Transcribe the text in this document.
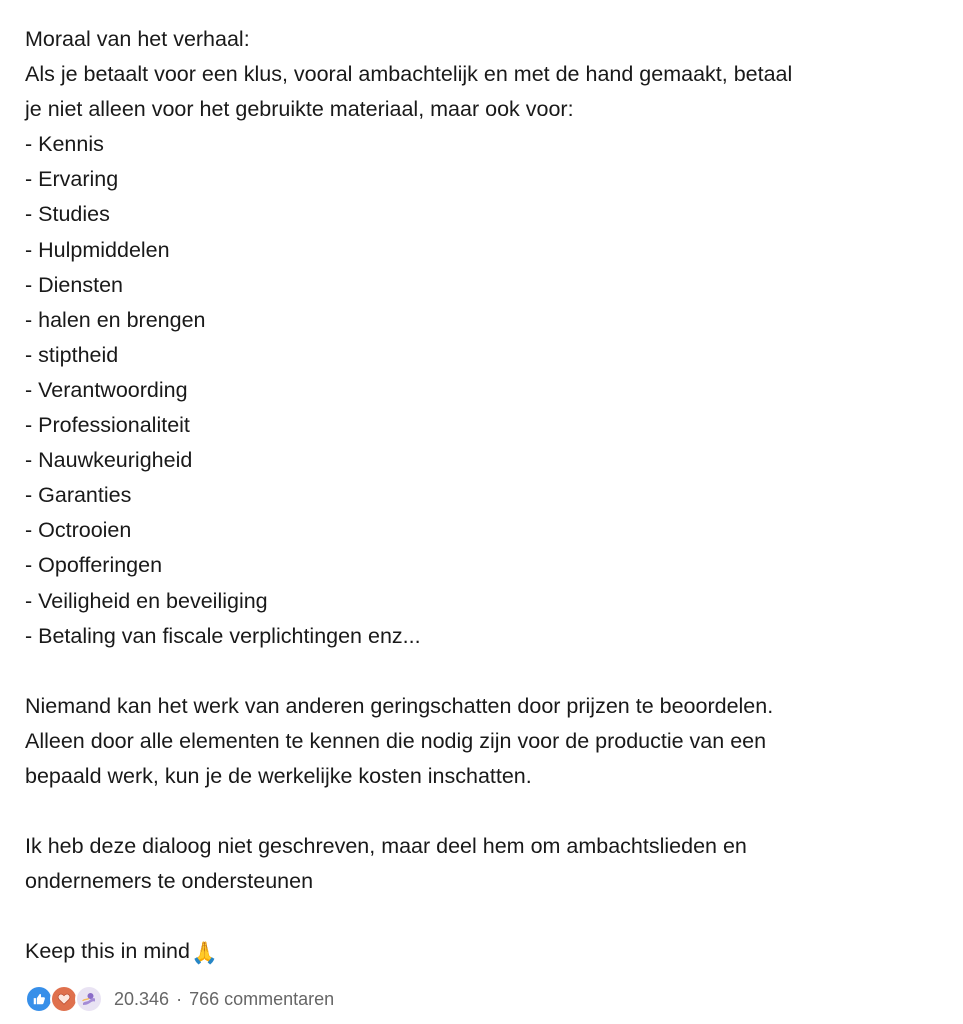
Moraal van het verhaal:
Als je betaalt voor een klus, vooral ambachtelijk en met de hand gemaakt, betaal
je niet alleen voor het gebruikte materiaal, maar ook voor:
- Kennis
- Ervaring
- Studies
- Hulpmiddelen
- Diensten
- halen en brengen
- stiptheid
- Verantwoording
- Professionaliteit
- Nauwkeurigheid
- Garanties
- Octrooien
- Opofferingen
- Veiligheid en beveiliging
- Betaling van fiscale verplichtingen enz...
Niemand kan het werk van anderen geringschatten door prijzen te beoordelen.
Alleen door alle elementen te kennen die nodig zijn voor de productie van een
bepaald werk, kun je de werkelijke kosten inschatten.
Ik heb deze dialoog niet geschreven, maar deel hem om ambachtslieden en
ondernemers te ondersteunen
Keep this in mind🙏
20.346 · 766 commentaren
